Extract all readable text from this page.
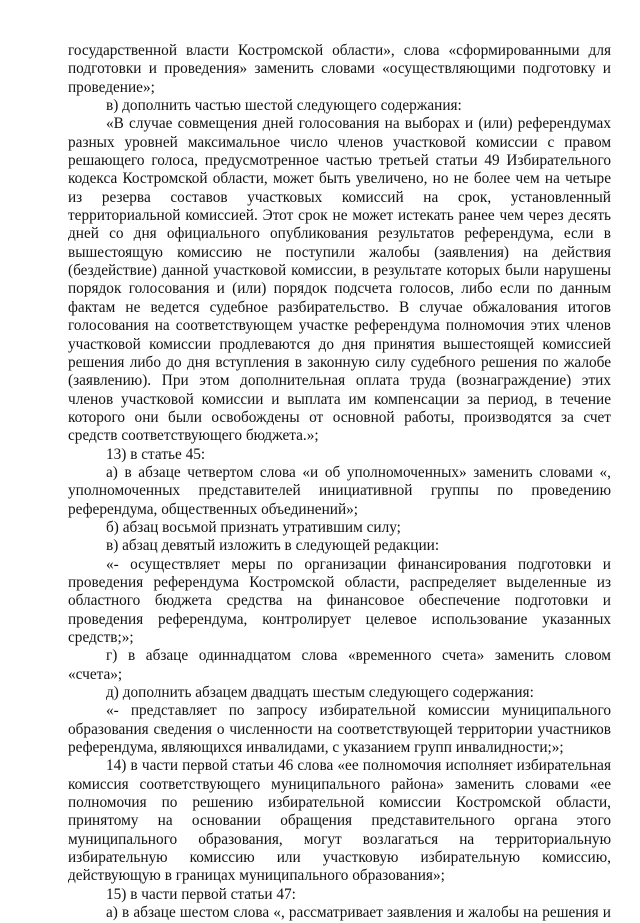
государственной власти Костромской области», слова «сформированными для подготовки и проведения» заменить словами «осуществляющими подготовку и проведение»;

в) дополнить частью шестой следующего содержания:

«В случае совмещения дней голосования на выборах и (или) референдумах разных уровней максимальное число членов участковой комиссии с правом решающего голоса, предусмотренное частью третьей статьи 49 Избирательного кодекса Костромской области, может быть увеличено, но не более чем на четыре из резерва составов участковых комиссий на срок, установленный территориальной комиссией. Этот срок не может истекать ранее чем через десять дней со дня официального опубликования результатов референдума, если в вышестоящую комиссию не поступили жалобы (заявления) на действия (бездействие) данной участковой комиссии, в результате которых были нарушены порядок голосования и (или) порядок подсчета голосов, либо если по данным фактам не ведется судебное разбирательство. В случае обжалования итогов голосования на соответствующем участке референдума полномочия этих членов участковой комиссии продлеваются до дня принятия вышестоящей комиссией решения либо до дня вступления в законную силу судебного решения по жалобе (заявлению). При этом дополнительная оплата труда (вознаграждение) этих членов участковой комиссии и выплата им компенсации за период, в течение которого они были освобождены от основной работы, производятся за счет средств соответствующего бюджета.»;

13) в статье 45:

а) в абзаце четвертом слова «и об уполномоченных» заменить словами «, уполномоченных представителей инициативной группы по проведению референдума, общественных объединений»;

б) абзац восьмой признать утратившим силу;

в) абзац девятый изложить в следующей редакции:

«- осуществляет меры по организации финансирования подготовки и проведения референдума Костромской области, распределяет выделенные из областного бюджета средства на финансовое обеспечение подготовки и проведения референдума, контролирует целевое использование указанных средств;»;

г) в абзаце одиннадцатом слова «временного счета» заменить словом «счета»;

д) дополнить абзацем двадцать шестым следующего содержания:

«- представляет по запросу избирательной комиссии муниципального образования сведения о численности на соответствующей территории участников референдума, являющихся инвалидами, с указанием групп инвалидности;»;

14) в части первой статьи 46 слова «ее полномочия исполняет избирательная комиссия соответствующего муниципального района» заменить словами «ее полномочия по решению избирательной комиссии Костромской области, принятому на основании обращения представительного органа этого муниципального образования, могут возлагаться на территориальную избирательную комиссию или участковую избирательную комиссию, действующую в границах муниципального образования»;

15) в части первой статьи 47:

а) в абзаце шестом слова «, рассматривает заявления и жалобы на решения и
